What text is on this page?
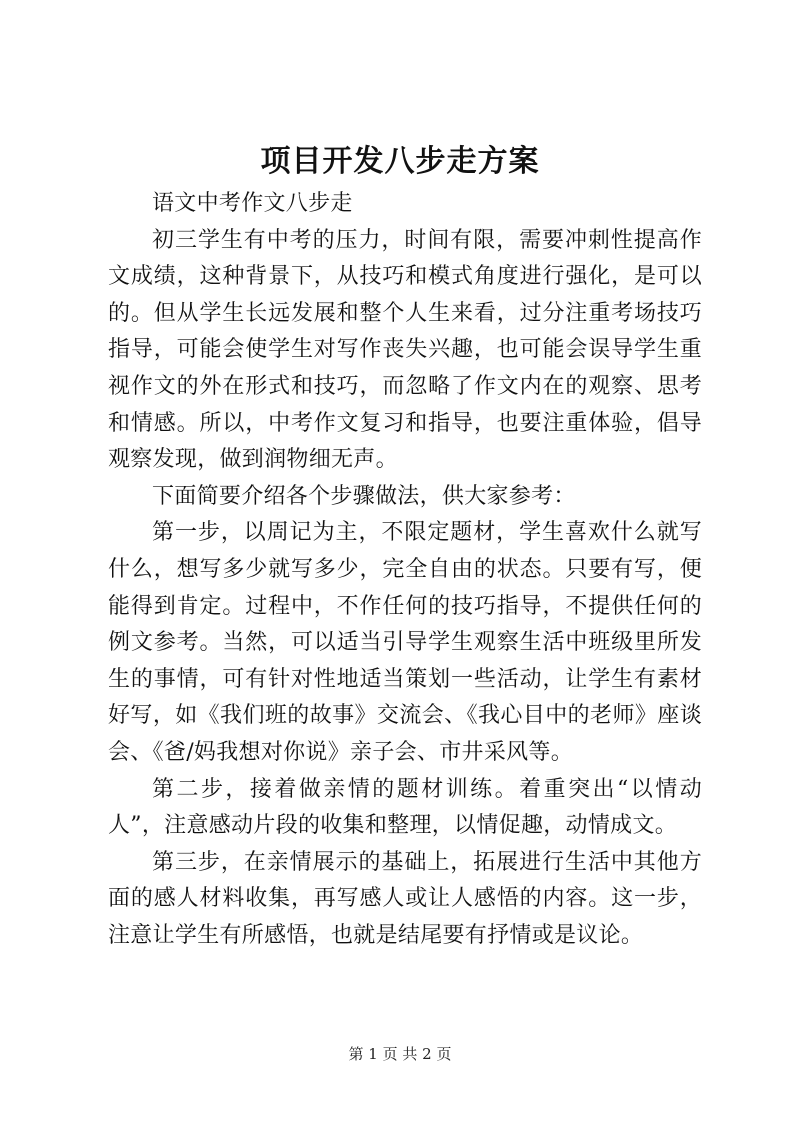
项目开发八步走方案

语文中考作文八步走

初三学生有中考的压力，时间有限，需要冲刺性提高作文成绩，这种背景下，从技巧和模式角度进行强化，是可以的。但从学生长远发展和整个人生来看，过分注重考场技巧指导，可能会使学生对写作丧失兴趣，也可能会误导学生重视作文的外在形式和技巧，而忽略了作文内在的观察、思考和情感。所以，中考作文复习和指导，也要注重体验，倡导观察发现，做到润物细无声。

下面简要介绍各个步骤做法，供大家参考：

第一步，以周记为主，不限定题材，学生喜欢什么就写什么，想写多少就写多少，完全自由的状态。只要有写，便能得到肯定。过程中，不作任何的技巧指导，不提供任何的例文参考。当然，可以适当引导学生观察生活中班级里所发生的事情，可有针对性地适当策划一些活动，让学生有素材好写，如《我们班的故事》交流会、《我心目中的老师》座谈会、《爸/妈我想对你说》亲子会、市井采风等。

第二步，接着做亲情的题材训练。着重突出“以情动人”，注意感动片段的收集和整理，以情促趣，动情成文。

第三步，在亲情展示的基础上，拓展进行生活中其他方面的感人材料收集，再写感人或让人感悟的内容。这一步，注意让学生有所感悟，也就是结尾要有抒情或是议论。

第 1 页 共 2 页
